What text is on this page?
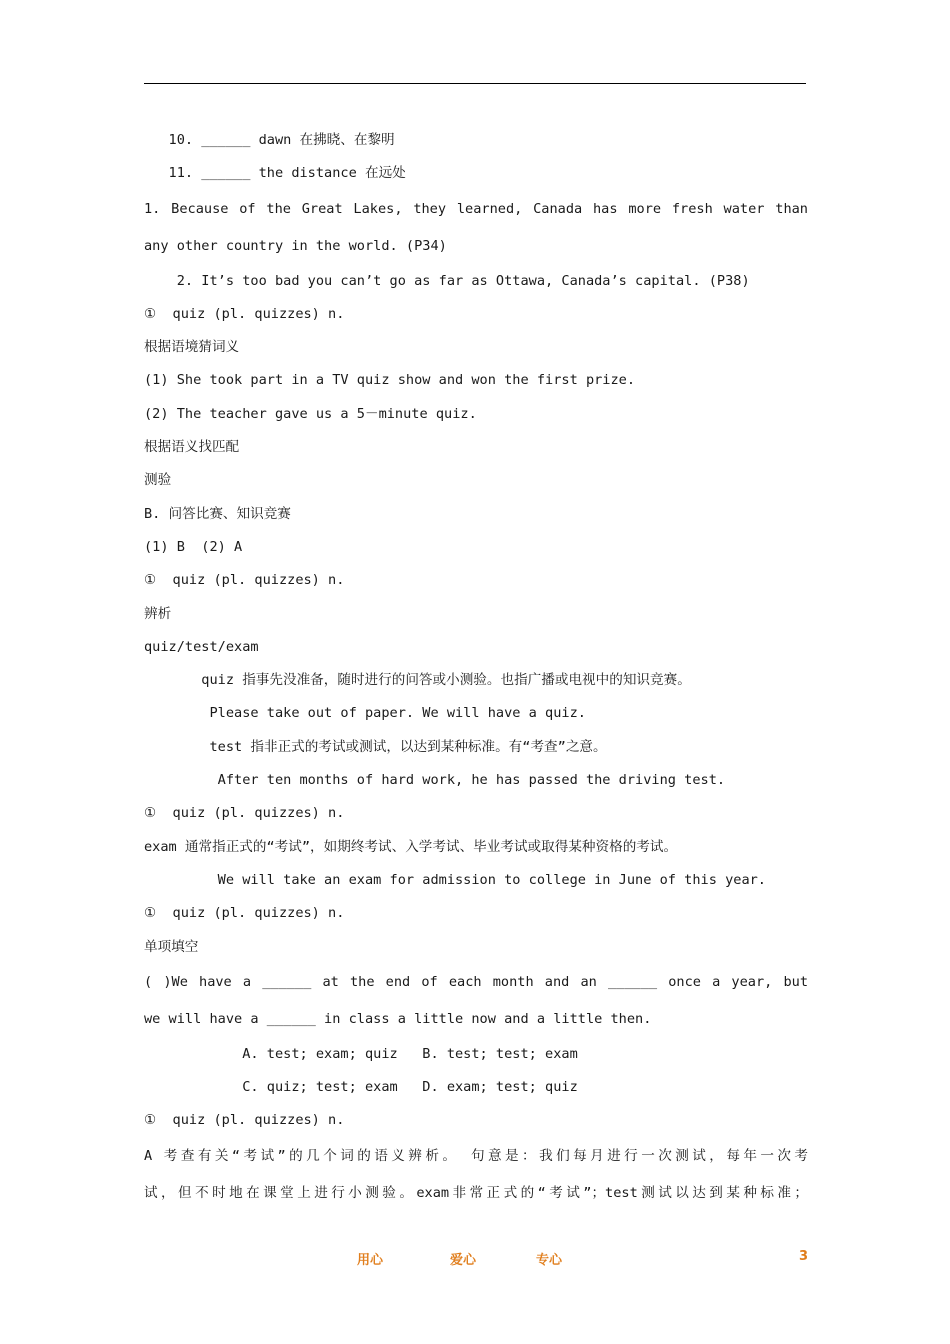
10. ______ dawn 在拂晓、在黎明
11. ______ the distance 在远处
1. Because of the Great Lakes, they learned, Canada has more fresh water than
any other country in the world. (P34)
2. It’s too bad you can’t go as far as Ottawa, Canada’s capital. (P38)
①  quiz (pl. quizzes) n.
根据语境猜词义
(1) She took part in a TV quiz show and won the first prize.
(2) The teacher gave us a 5－minute quiz.
根据语义找匹配
测验
B. 问答比赛、知识竞赛
(1) B  (2) A
①  quiz (pl. quizzes) n.
辨析
quiz/test/exam
quiz 指事先没准备，随时进行的问答或小测验。也指广播或电视中的知识竞赛。
Please take out of paper. We will have a quiz.
test 指非正式的考试或测试，以达到某种标准。有“考查”之意。
After ten months of hard work, he has passed the driving test.
①  quiz (pl. quizzes) n.
exam 通常指正式的“考试”，如期终考试、入学考试、毕业考试或取得某种资格的考试。
We will take an exam for admission to college in June of this year.
①  quiz (pl. quizzes) n.
单项填空
( )We have a ______ at the end of each month and an ______ once a year, but
we will have a ______ in class a little now and a little then.
A. test; exam; quiz   B. test; test; exam
C. quiz; test; exam   D. exam; test; quiz
①  quiz (pl. quizzes) n.
A 考查有关“考试”的几个词的语义辨析。 句意是：我们每月进行一次测试，每年一次考
试，但不时地在课堂上进行小测验。exam非常正式的“考试”；test测试以达到某种标准；
用心	爱心	专心	3
